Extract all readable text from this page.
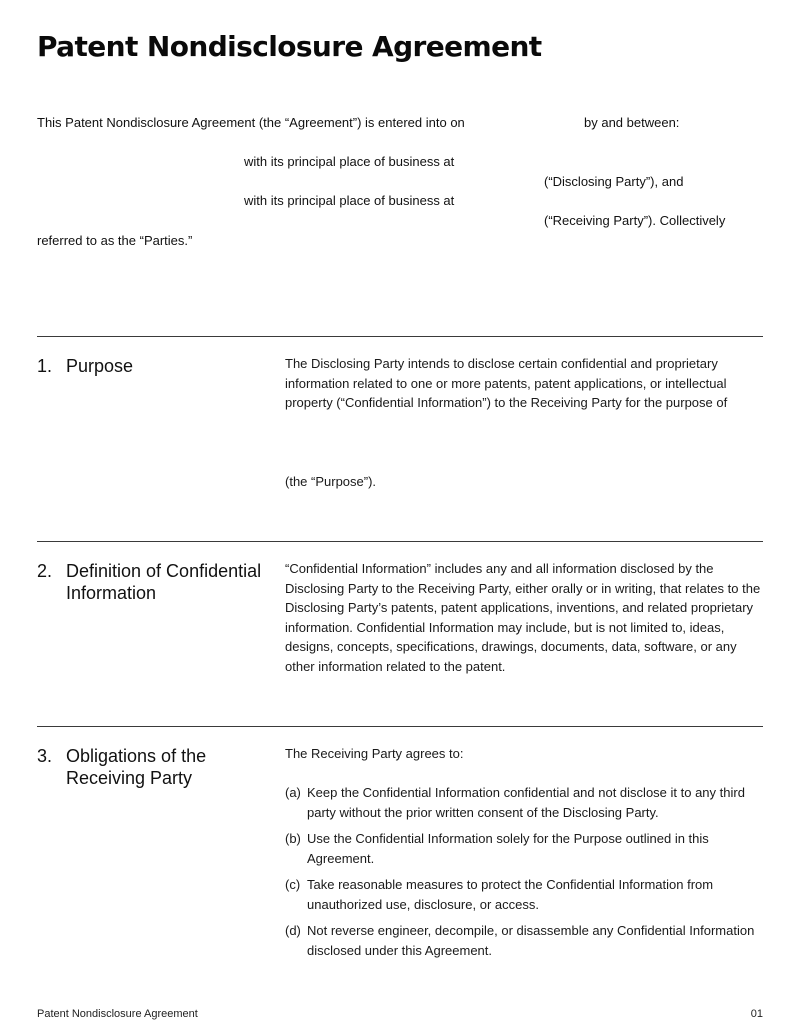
Patent Nondisclosure Agreement
This Patent Nondisclosure Agreement (the “Agreement”) is entered into on	by and between:
with its principal place of business at
(“Disclosing Party”), and
with its principal place of business at
(“Receiving Party”). Collectively
referred to as the “Parties.”
1. Purpose	The Disclosing Party intends to disclose certain confidential and proprietary
information related to one or more patents, patent applications, or intellectual
property (“Confidential Information”) to the Receiving Party for the purpose of
(the “Purpose”).
2. Definition of Confidential Information
“Confidential Information” includes any and all information disclosed by the Disclosing Party to the Receiving Party, either orally or in writing, that relates to the Disclosing Party’s patents, patent applications, inventions, and related proprietary information. Confidential Information may include, but is not limited to, ideas, designs, concepts, specifications, drawings, documents, data, software, or any other information related to the patent.
3. Obligations of the Receiving Party
The Receiving Party agrees to:
(a) Keep the Confidential Information confidential and not disclose it to any third party without the prior written consent of the Disclosing Party.
(b) Use the Confidential Information solely for the Purpose outlined in this Agreement.
(c) Take reasonable measures to protect the Confidential Information from unauthorized use, disclosure, or access.
(d) Not reverse engineer, decompile, or disassemble any Confidential Information disclosed under this Agreement.
Patent Nondisclosure Agreement	01
